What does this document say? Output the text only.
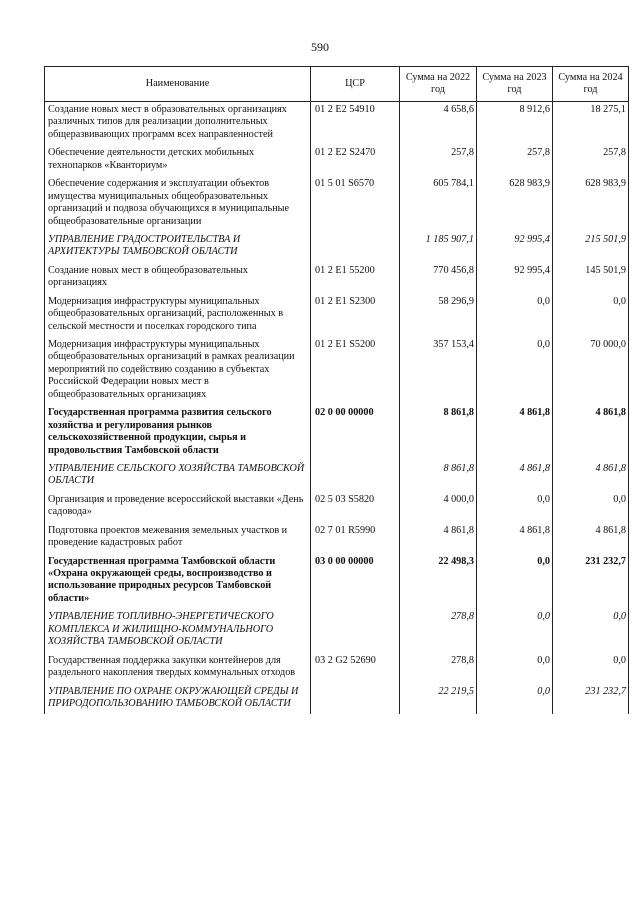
590
Наименование	ЦСР	Сумма на 2022 год	Сумма на 2023 год	Сумма на 2024 год
Создание новых мест в образовательных организациях различных типов для реализации дополнительных общеразвивающих программ всех направленностей	01 2 E2 54910	4 658,6	8 912,6	18 275,1
Обеспечение деятельности детских мобильных технопарков «Кванториум»	01 2 E2 S2470	257,8	257,8	257,8
Обеспечение содержания и эксплуатации объектов имущества муниципальных общеобразовательных организаций и подвоза обучающихся в муниципальные общеобразовательные организации	01 5 01 S6570	605 784,1	628 983,9	628 983,9
УПРАВЛЕНИЕ ГРАДОСТРОИТЕЛЬСТВА И АРХИТЕКТУРЫ ТАМБОВСКОЙ ОБЛАСТИ		1 185 907,1	92 995,4	215 501,9
Создание новых мест в общеобразовательных организациях	01 2 E1 55200	770 456,8	92 995,4	145 501,9
Модернизация инфраструктуры муниципальных общеобразовательных организаций, расположенных в сельской местности и поселках городского типа	01 2 E1 S2300	58 296,9	0,0	0,0
Модернизация инфраструктуры муниципальных общеобразовательных организаций в рамках реализации мероприятий по содействию созданию в субъектах Российской Федерации новых мест в общеобразовательных организациях	01 2 E1 S5200	357 153,4	0,0	70 000,0
Государственная программа развития сельского хозяйства и регулирования рынков сельскохозяйственной продукции, сырья и продовольствия Тамбовской области	02 0 00 00000	8 861,8	4 861,8	4 861,8
УПРАВЛЕНИЕ СЕЛЬСКОГО ХОЗЯЙСТВА ТАМБОВСКОЙ ОБЛАСТИ		8 861,8	4 861,8	4 861,8
Организация и проведение всероссийской выставки «День садовода»	02 5 03 S5820	4 000,0	0,0	0,0
Подготовка проектов межевания земельных участков и проведение кадастровых работ	02 7 01 R5990	4 861,8	4 861,8	4 861,8
Государственная программа Тамбовской области «Охрана окружающей среды, воспроизводство и использование природных ресурсов Тамбовской области»	03 0 00 00000	22 498,3	0,0	231 232,7
УПРАВЛЕНИЕ ТОПЛИВНО-ЭНЕРГЕТИЧЕСКОГО КОМПЛЕКСА И ЖИЛИЩНО-КОММУНАЛЬНОГО ХОЗЯЙСТВА ТАМБОВСКОЙ ОБЛАСТИ		278,8	0,0	0,0
Государственная поддержка закупки контейнеров для раздельного накопления твердых коммунальных отходов	03 2 G2 52690	278,8	0,0	0,0
УПРАВЛЕНИЕ ПО ОХРАНЕ ОКРУЖАЮЩЕЙ СРЕДЫ И ПРИРОДОПОЛЬЗОВАНИЮ ТАМБОВСКОЙ ОБЛАСТИ		22 219,5	0,0	231 232,7
